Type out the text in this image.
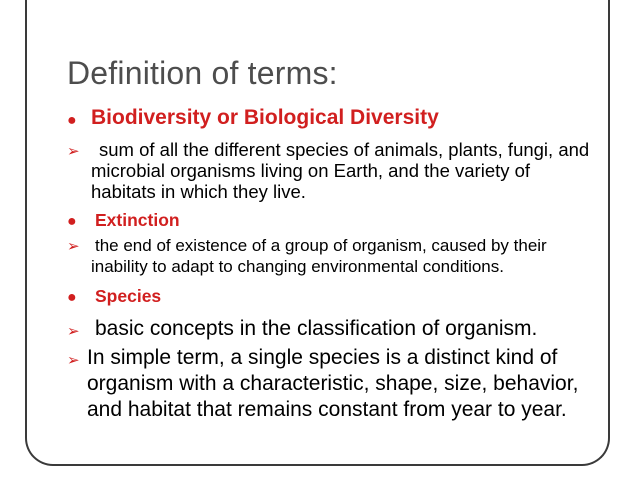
Definition of terms:
● Biodiversity or Biological Diversity
➢ sum of all the different species of animals, plants, fungi, and microbial organisms living on Earth, and the variety of habitats in which they live.
● Extinction
➢ the end of existence of a group of organism, caused by their inability to adapt to changing environmental conditions.
● Species
➢ basic concepts in the classification of organism.
➢ In simple term, a single species is a distinct kind of organism with a characteristic, shape, size, behavior, and habitat that remains constant from year to year.
